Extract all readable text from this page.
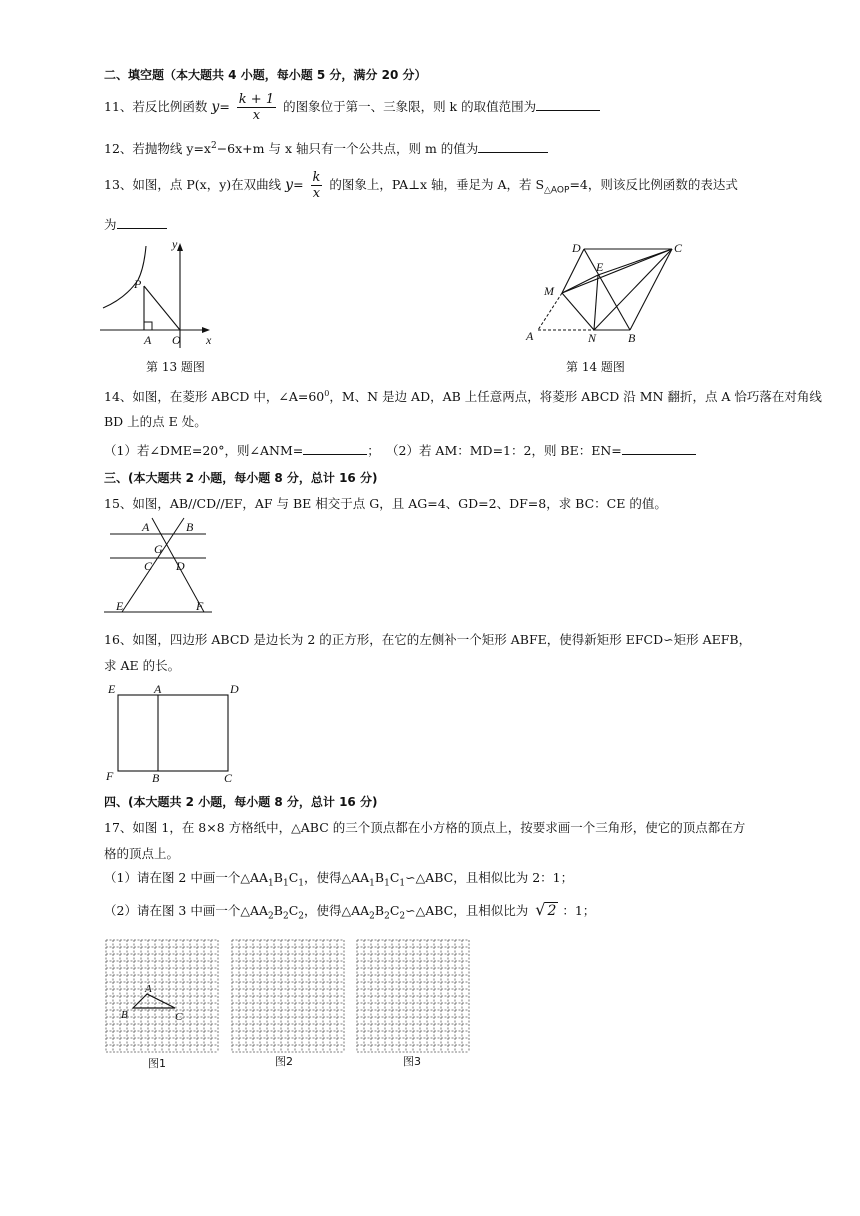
二、填空题（本大题共 4 小题，每小题 5 分，满分 20 分）
11、若反比例函数 $y= \frac{k + 1}{x}$ 的图象位于第一、三象限，则 k 的取值范围为
12、若抛物线 $y=x^2-6x+m$ 与 x 轴只有一个公共点，则 m 的值为
13、如图，点 P(x，y)在双曲线 $y= \frac{k}{x}$ 的图象上，PA⊥x 轴，垂足为 A，若 $S_{\triangle AOP}=4$，则该反比例函数的表达式
为
y
P
A O x
第 13 题图
D	C
E
M
A	N	B
第 14 题图
14、如图，在菱形 ABCD 中，$\angle A=60^0$，M、N 是边 AD，AB 上任意两点，将菱形 ABCD 沿 MN 翻折，点 A 恰巧落在对角线
BD 上的点 E 处。
（1）若∠DME=20°，则∠ANM=	； （2）若 AM：MD=1：2，则 BE：EN=
三、(本大题共 2 小题，每小题 8 分，总计 16 分)
15、如图，AB//CD//EF，AF 与 BE 相交于点 G，且 AG=4、GD=2、DF=8，求 BC：CE 的值。
A	B
G
C D
E	F
16、如图，四边形 ABCD 是边长为 2 的正方形，在它的左侧补一个矩形 ABFE，使得新矩形 EFCD∽矩形 AEFB，
求 AE 的长。
E	A	D
F	B	C
四、(本大题共 2 小题，每小题 8 分，总计 16 分)
17、如图 1，在 8×8 方格纸中，△ABC 的三个顶点都在小方格的顶点上，按要求画一个三角形，使它的顶点都在方
格的顶点上。
（1）请在图 2 中画一个$\triangle AA_1B_1C_1$，使得$\triangle AA_1B_1C_1∽\triangle ABC$，且相似比为 2：1；
（2）请在图 3 中画一个$\triangle AA_2B_2C_2$，使得$\triangle AA_2B_2C_2∽\triangle ABC$，且相似比为 √ 2 ：1；
A
B	C
图1	图2	图3
